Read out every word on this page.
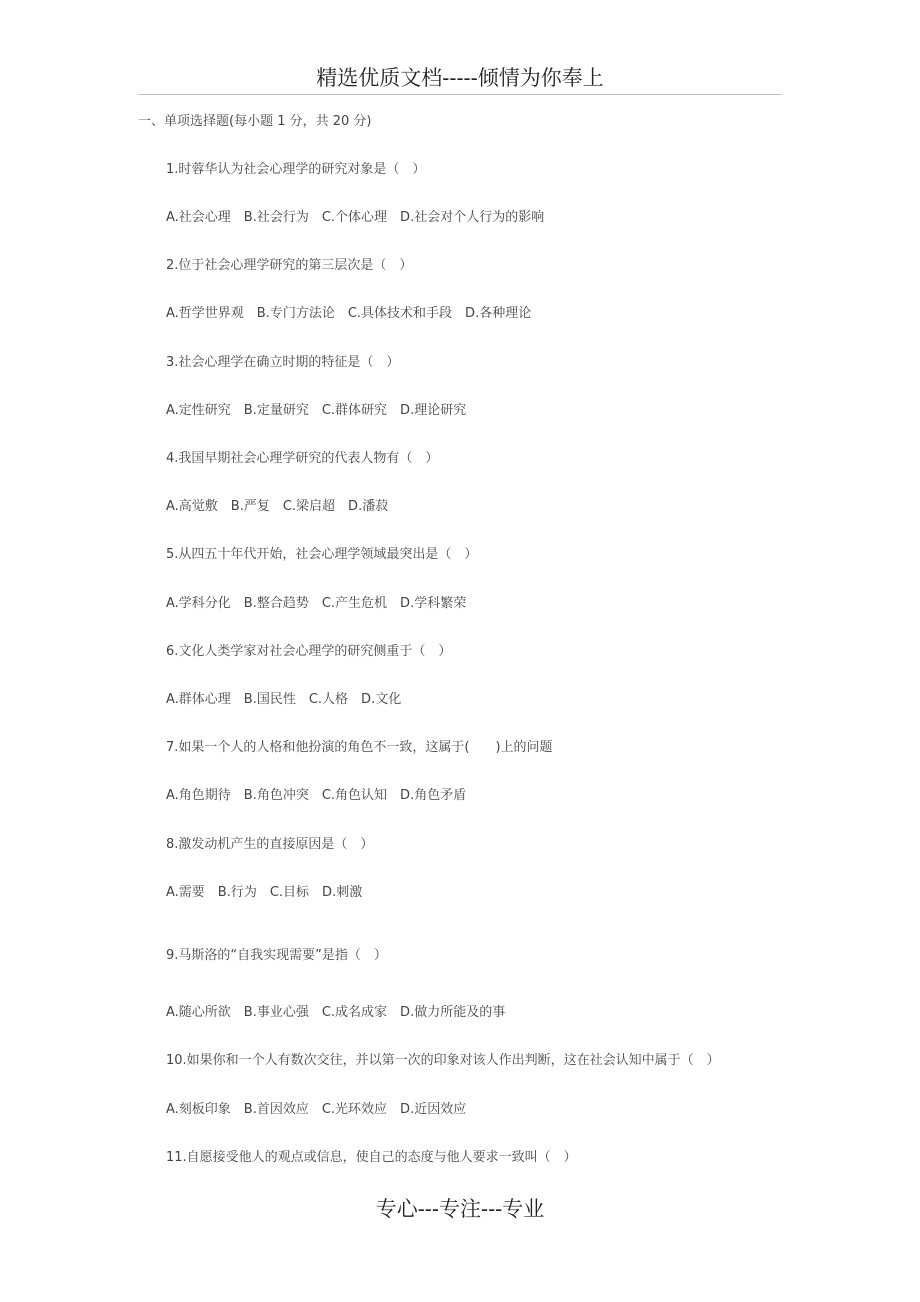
精选优质文档-----倾情为你奉上
一、单项选择题(每小题 1 分，共 20 分)
1.时蓉华认为社会心理学的研究对象是（　）
A.社会心理　B.社会行为　C.个体心理　D.社会对个人行为的影响
2.位于社会心理学研究的第三层次是（　）
A.哲学世界观　B.专门方法论　C.具体技术和手段　D.各种理论
3.社会心理学在确立时期的特征是（　）
A.定性研究　B.定量研究　C.群体研究　D.理论研究
4.我国早期社会心理学研究的代表人物有（　）
A.高觉敷　B.严复　C.梁启超　D.潘菽
5.从四五十年代开始，社会心理学领域最突出是（　）
A.学科分化　B.整合趋势　C.产生危机　D.学科繁荣
6.文化人类学家对社会心理学的研究侧重于（　）
A.群体心理　B.国民性　C.人格　D.文化
7.如果一个人的人格和他扮演的角色不一致，这属于(　　)上的问题
A.角色期待　B.角色冲突　C.角色认知　D.角色矛盾
8.激发动机产生的直接原因是（　）
A.需要　B.行为　C.目标　D.刺激
9.马斯洛的“自我实现需要”是指（　）
A.随心所欲　B.事业心强　C.成名成家　D.做力所能及的事
10.如果你和一个人有数次交往，并以第一次的印象对该人作出判断，这在社会认知中属于（　）
A.刻板印象　B.首因效应　C.光环效应　D.近因效应
11.自愿接受他人的观点或信息，使自己的态度与他人要求一致叫（　）
专心---专注---专业
